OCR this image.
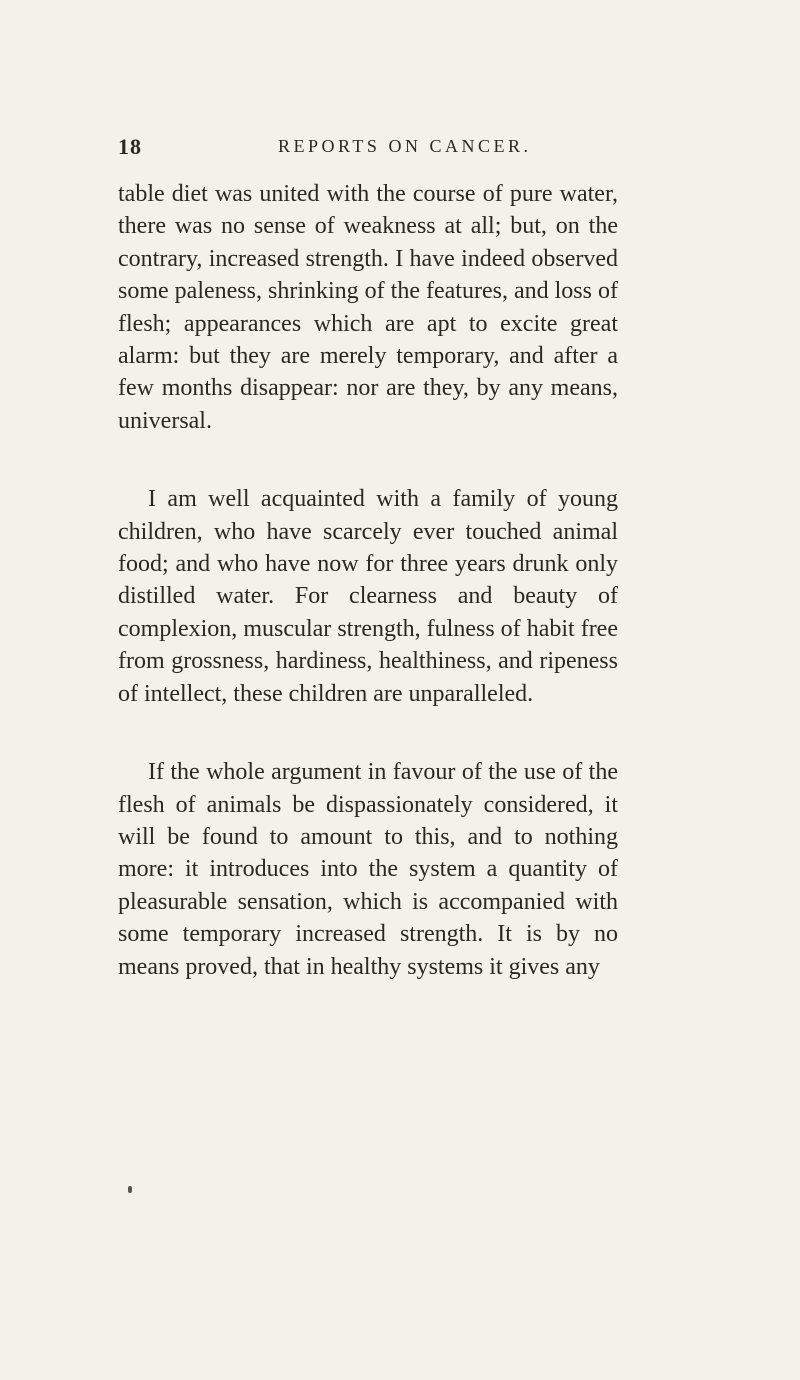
18	REPORTS ON CANCER.

table diet was united with the course of pure water, there was no sense of weakness at all; but, on the contrary, increased strength. I have indeed observed some paleness, shrinking of the features, and loss of flesh; appearances which are apt to excite great alarm: but they are merely temporary, and after a few months disappear: nor are they, by any means, universal.

I am well acquainted with a family of young children, who have scarcely ever touched animal food; and who have now for three years drunk only distilled water. For clearness and beauty of complexion, muscular strength, fulness of habit free from grossness, hardiness, healthiness, and ripeness of intellect, these children are unparalleled.

If the whole argument in favour of the use of the flesh of animals be dispassionately considered, it will be found to amount to this, and to nothing more: it introduces into the system a quantity of pleasurable sensation, which is accompanied with some temporary increased strength. It is by no means proved, that in healthy systems it gives any
